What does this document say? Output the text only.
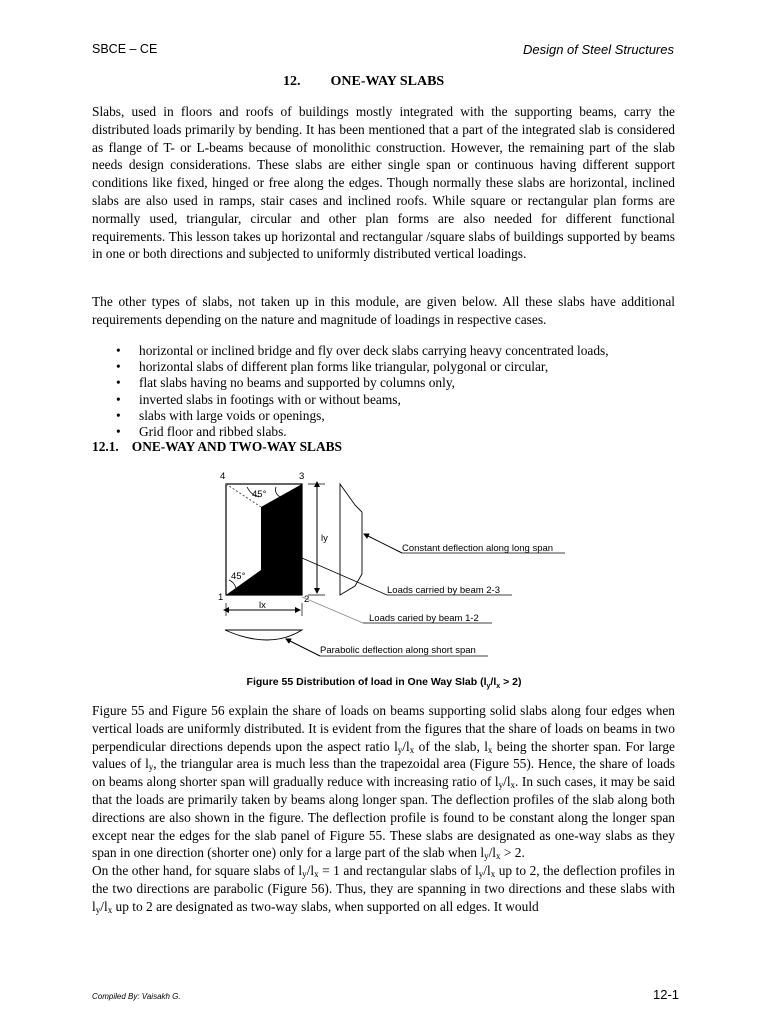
SBCE – CE	Design of Steel Structures
12. ONE-WAY SLABS
Slabs, used in floors and roofs of buildings mostly integrated with the supporting beams, carry the distributed loads primarily by bending. It has been mentioned that a part of the integrated slab is considered as flange of T- or L-beams because of monolithic construction. However, the remaining part of the slab needs design considerations. These slabs are either single span or continuous having different support conditions like fixed, hinged or free along the edges. Though normally these slabs are horizontal, inclined slabs are also used in ramps, stair cases and inclined roofs. While square or rectangular plan forms are normally used, triangular, circular and other plan forms are also needed for different functional requirements. This lesson takes up horizontal and rectangular /square slabs of buildings supported by beams in one or both directions and subjected to uniformly distributed vertical loadings.
The other types of slabs, not taken up in this module, are given below. All these slabs have additional requirements depending on the nature and magnitude of loadings in respective cases.
• horizontal or inclined bridge and fly over deck slabs carrying heavy concentrated loads,
• horizontal slabs of different plan forms like triangular, polygonal or circular,
• flat slabs having no beams and supported by columns only,
• inverted slabs in footings with or without beams,
• slabs with large voids or openings,
• Grid floor and ribbed slabs.
12.1. ONE-WAY AND TWO-WAY SLABS
4	3
1	2
45°
45°
ly
Constant deflection along long span
Loads carried by beam 2-3
Loads caried by beam 1-2
lx
Parabolic deflection along short span
Figure 55 Distribution of load in One Way Slab $(l_y/l_x > 2)$
Figure 55 and Figure 56 explain the share of loads on beams supporting solid slabs along four edges when vertical loads are uniformly distributed. It is evident from the figures that the share of loads on beams in two perpendicular directions depends upon the aspect ratio $l_y/l_x$ of the slab, $l_x$ being the shorter span. For large values of $l_y$, the triangular area is much less than the trapezoidal area (Figure 55). Hence, the share of loads on beams along shorter span will gradually reduce with increasing ratio of $l_y/l_x$. In such cases, it may be said that the loads are primarily taken by beams along longer span. The deflection profiles of the slab along both directions are also shown in the figure. The deflection profile is found to be constant along the longer span except near the edges for the slab panel of Figure 55. These slabs are designated as one-way slabs as they span in one direction (shorter one) only for a large part of the slab when $l_y/l_x > 2$.
On the other hand, for square slabs of $l_y/l_x = 1$ and rectangular slabs of $l_y/l_x$ up to 2, the deflection profiles in the two directions are parabolic (Figure 56). Thus, they are spanning in two directions and these slabs with $l_y/l_x$ up to 2 are designated as two-way slabs, when supported on all edges. It would
Compiled By: Vaisakh G.	12-1
